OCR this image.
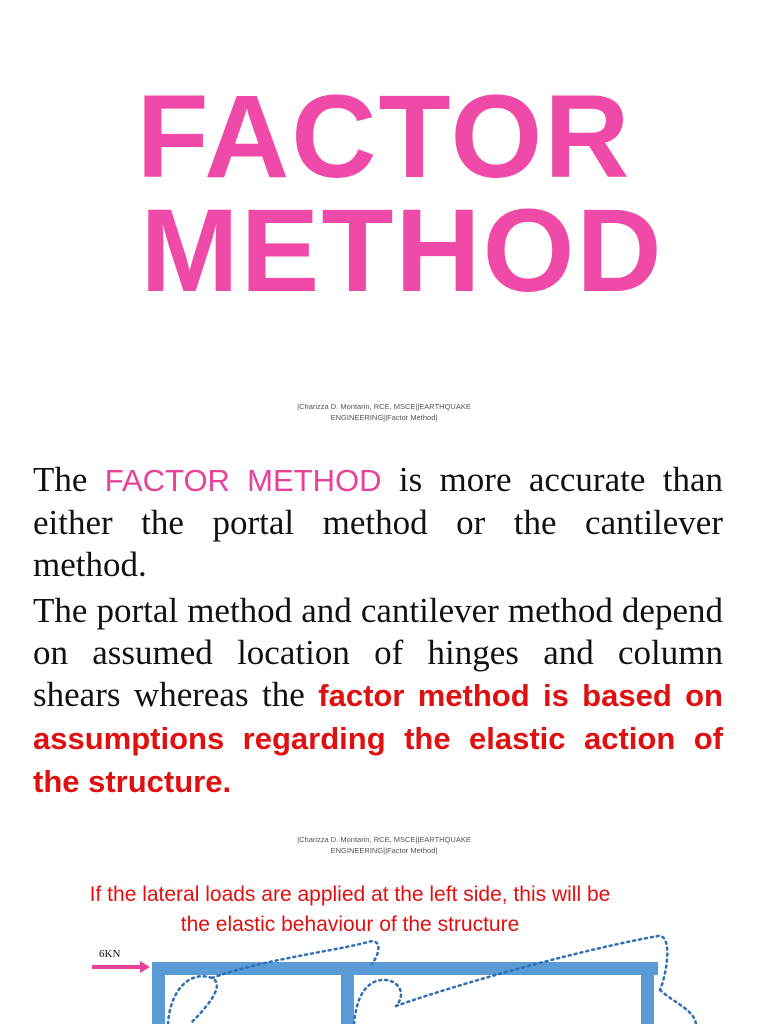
FACTOR
METHOD
|Charizza D. Montarin, RCE, MSCE||EARTHQUAKE
ENGINEERING||Factor Method|

The FACTOR METHOD is more accurate than either the portal method or the cantilever method.

The portal method and cantilever method depend on assumed location of hinges and column shears whereas the factor method is based on assumptions regarding the elastic action of the structure.

|Charizza D. Montarin, RCE, MSCE||EARTHQUAKE
ENGINEERING||Factor Method|
If the lateral loads are applied at the left side, this will be
the elastic behaviour of the structure
6KN
